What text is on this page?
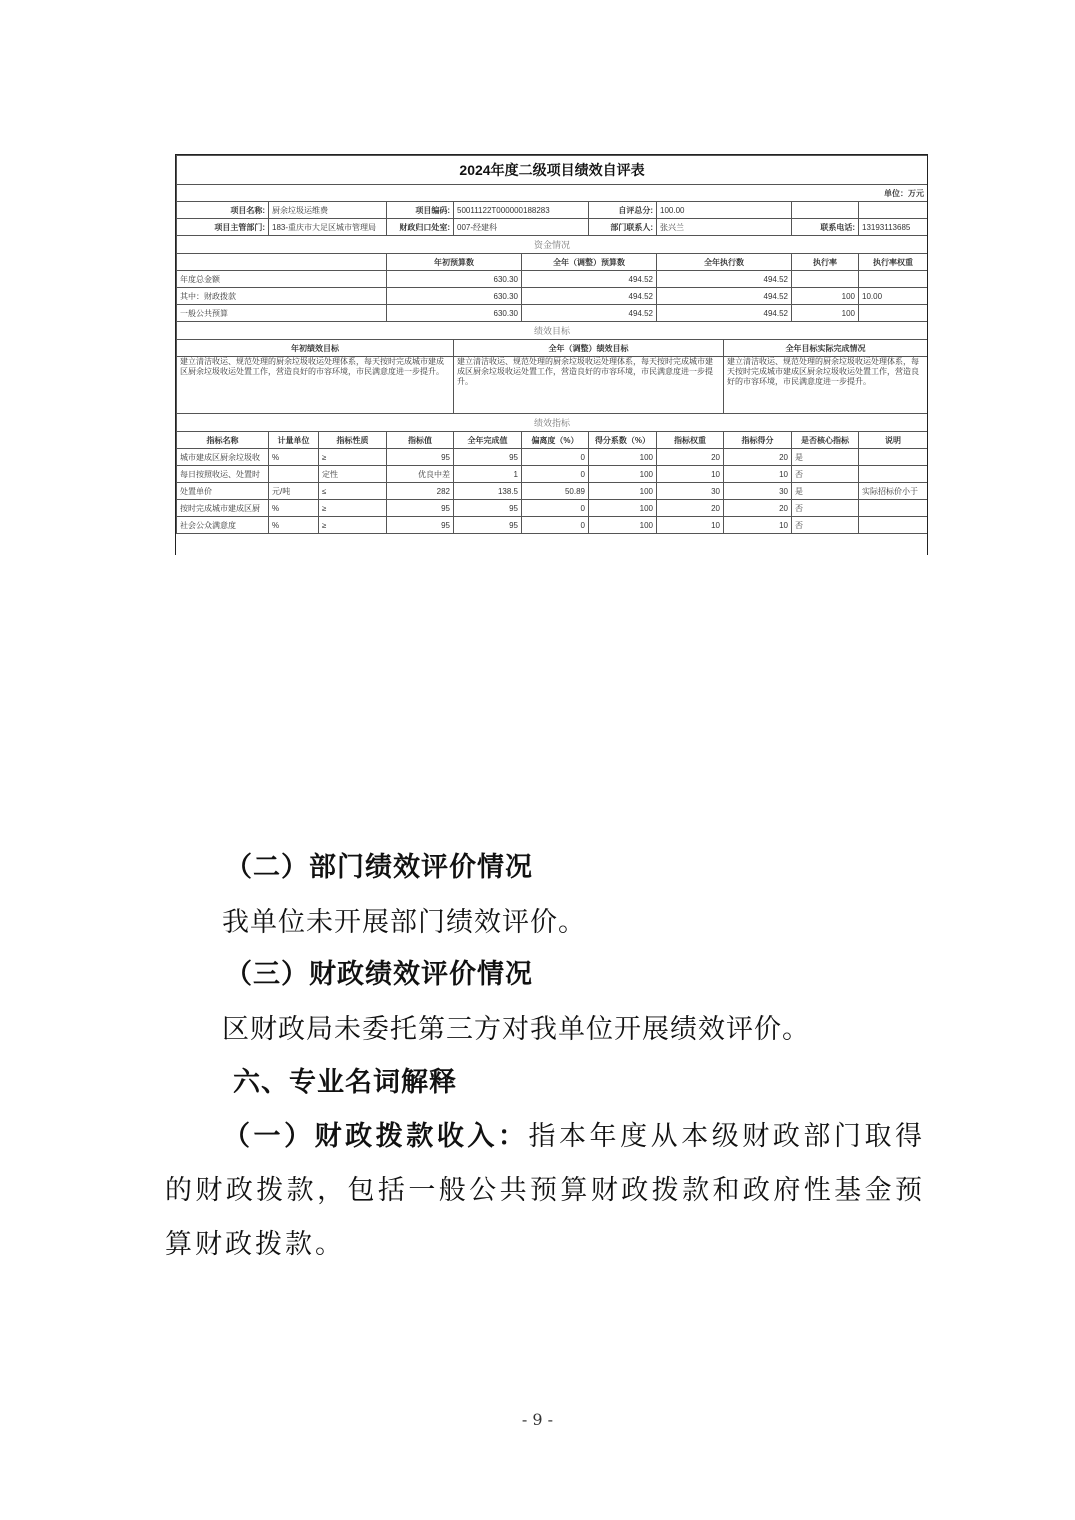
2024年度二级项目绩效自评表											
单位：万元											
项目名称:	厨余垃圾运维费		项目编码:	50011122T000000188283		自评总分:	100.00				
项目主管部门:	183-重庆市大足区城市管理局		财政归口处室:	007-经建科		部门联系人:	张兴兰		联系电话:	13193113685	
资金情况											
			年初预算数		全年（调整）预算数		全年执行数		执行率	执行率权重	
年度总金额			630.30		494.52		494.52				
其中：财政拨款			630.30		494.52		494.52		100	10.00	
一般公共预算			630.30		494.52		494.52		100		
绩效目标											
年初绩效目标				全年（调整）绩效目标				全年目标实际完成情况			
建立清洁收运、规范处理的厨余垃圾收运处理体系，每天按时完成城市建成区厨余垃圾收运处置工作，营造良好的市容环境，市民满意度进一步提升。				建立清洁收运、规范处理的厨余垃圾收运处理体系，每天按时完成城市建成区厨余垃圾收运处置工作，营造良好的市容环境，市民满意度进一步提升。				建立清洁收运、规范处理的厨余垃圾收运处理体系，每天按时完成城市建成区厨余垃圾收运处置工作，营造良好的市容环境，市民满意度进一步提升。			
绩效指标											
指标名称	计量单位	指标性质	指标值	全年完成值	偏离度（%）	得分系数（%）	指标权重	指标得分	是否核心指标	说明	
城市建成区厨余垃圾收	%	≥	95	95	0	100	20	20	是		
每日按照收运、处置时		定性	优良中差	1	0	100	10	10	否		
处置单价	元/吨	≤	282	138.5	50.89	100	30	30	是	实际招标价小于	
按时完成城市建成区厨	%	≥	95	95	0	100	20	20	否		
社会公众满意度	%	≥	95	95	0	100	10	10	否		
（二）部门绩效评价情况
我单位未开展部门绩效评价。
（三）财政绩效评价情况
区财政局未委托第三方对我单位开展绩效评价。
六、专业名词解释
（一）财政拨款收入：指本年度从本级财政部门取得的财政拨款，包括一般公共预算财政拨款和政府性基金预算财政拨款。
- 9 -
